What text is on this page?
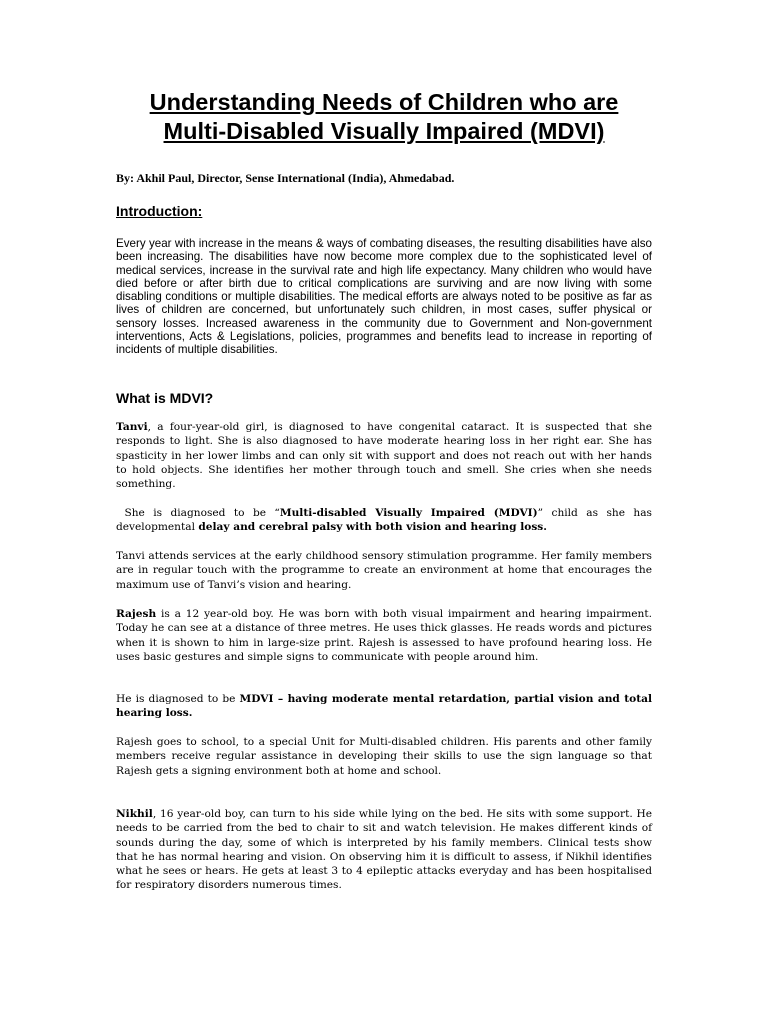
Understanding Needs of Children who are
Multi-Disabled Visually Impaired (MDVI)

By: Akhil Paul, Director, Sense International (India), Ahmedabad.

Introduction:

Every year with increase in the means & ways of combating diseases, the resulting disabilities have also been increasing. The disabilities have now become more complex due to the sophisticated level of medical services, increase in the survival rate and high life expectancy. Many children who would have died before or after birth due to critical complications are surviving and are now living with some disabling conditions or multiple disabilities. The medical efforts are always noted to be positive as far as lives of children are concerned, but unfortunately such children, in most cases, suffer physical or sensory losses. Increased awareness in the community due to Government and Non-government interventions, Acts & Legislations, policies, programmes and benefits lead to increase in reporting of incidents of multiple disabilities.

What is MDVI?

Tanvi, a four-year-old girl, is diagnosed to have congenital cataract. It is suspected that she responds to light. She is also diagnosed to have moderate hearing loss in her right ear. She has spasticity in her lower limbs and can only sit with support and does not reach out with her hands to hold objects. She identifies her mother through touch and smell. She cries when she needs something.

She is diagnosed to be “Multi-disabled Visually Impaired (MDVI)” child as she has developmental delay and cerebral palsy with both vision and hearing loss.

Tanvi attends services at the early childhood sensory stimulation programme. Her family members are in regular touch with the programme to create an environment at home that encourages the maximum use of Tanvi’s vision and hearing.

Rajesh is a 12 year-old boy. He was born with both visual impairment and hearing impairment. Today he can see at a distance of three metres. He uses thick glasses. He reads words and pictures when it is shown to him in large-size print. Rajesh is assessed to have profound hearing loss. He uses basic gestures and simple signs to communicate with people around him.

He is diagnosed to be MDVI – having moderate mental retardation, partial vision and total hearing loss.

Rajesh goes to school, to a special Unit for Multi-disabled children. His parents and other family members receive regular assistance in developing their skills to use the sign language so that Rajesh gets a signing environment both at home and school.

Nikhil, 16 year-old boy, can turn to his side while lying on the bed. He sits with some support. He needs to be carried from the bed to chair to sit and watch television. He makes different kinds of sounds during the day, some of which is interpreted by his family members. Clinical tests show that he has normal hearing and vision. On observing him it is difficult to assess, if Nikhil identifies what he sees or hears. He gets at least 3 to 4 epileptic attacks everyday and has been hospitalised for respiratory disorders numerous times.
